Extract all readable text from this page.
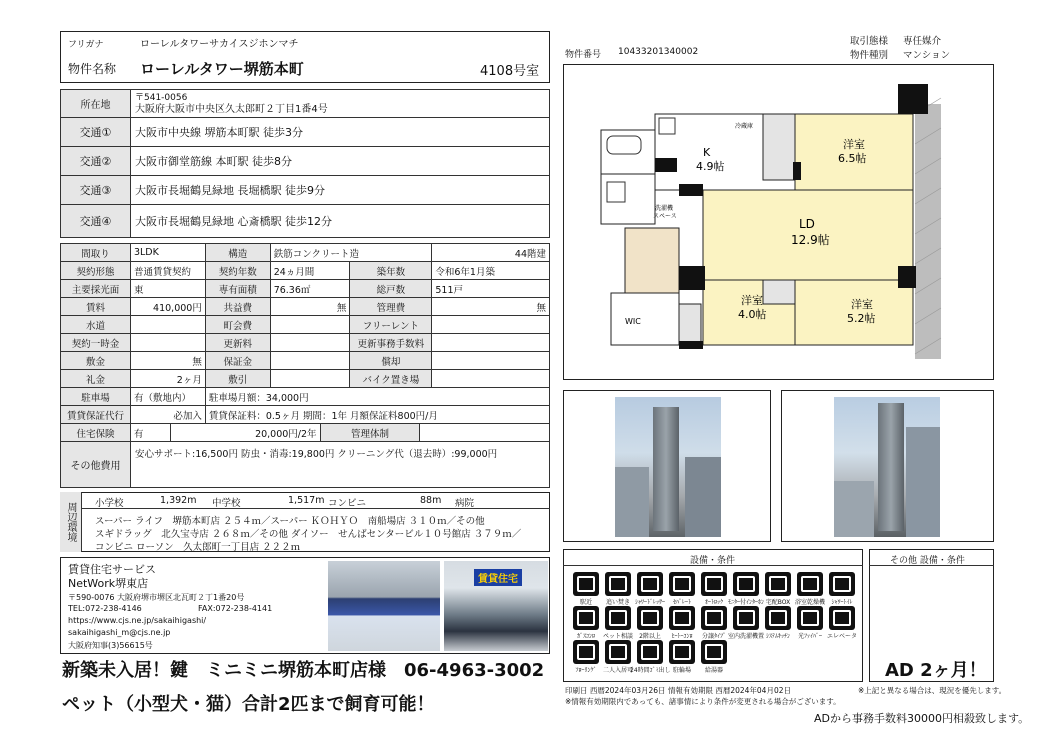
フリガナ	ローレルタワーサカイスジホンマチ
物件名称 ローレルタワー堺筋本町	4108号室
所在地
〒541-0056
大阪府大阪市中央区久太郎町２丁目1番4号
交通①	大阪市中央線 堺筋本町駅 徒歩3分
交通②	大阪市御堂筋線 本町駅 徒歩8分
交通③	大阪市長堀鶴見緑地 長堀橋駅 徒歩9分
交通④	大阪市長堀鶴見緑地 心斎橋駅 徒歩12分
間取り	3LDK	構造	鉄筋コンクリート造		44階建
契約形態	普通賃貸契約	契約年数	24ヵ月間	築年数	令和6年1月築
主要採光面	東	専有面積	76.36㎡	総戸数	511戸
賃料	410,000円	共益費	無	管理費	無
水道		町会費		フリーレント	
契約一時金		更新料		更新事務手数料	
敷金	無	保証金		償却	
礼金	2ヶ月	敷引		バイク置き場	
駐車場	有（敷地内）	駐車場月額：34,000円			
賃貸保証代行	必加入	賃貸保証料：0.5ヶ月 期間：1年 月額保証料800円/月			
住宅保険	有	20,000円/2年	管理体制	
その他費用
安心サポート:16,500円 防虫・消毒:19,800円 クリーニング代（退去時）:99,000円
周辺環境	小学校	1,392m 中学校	1,517m コンビニ	88m 病院
スーパー ライフ　堺筋本町店 ２５４ｍ／スーパー ＫＯＨＹＯ　南船場店 ３１０ｍ／その他
スギドラッグ　北久宝寺店 ２６８ｍ／その他 ダイソー　せんばセンタービル１０号館店 ３７９ｍ／
コンビニ ローソン　久太郎町一丁目店 ２２２ｍ
賃貸住宅サービス
NetWork堺東店
〒590-0076 大阪府堺市堺区北瓦町２丁1番20号
TEL:072-238-4146	FAX:072-238-4141
https://www.cjs.ne.jp/sakaihigashi/
sakaihigashi_m@cjs.ne.jp
大阪府知事(3)56615号
賃貸住宅
新築未入居！鍵　ミニミニ堺筋本町店様　06-4963-3002
ペット（小型犬・猫）合計2匹まで飼育可能！
取引態様 専任媒介
物件種別 マンション
物件番号 10433201340002
冷蔵庫
K
4.9帖
洋室
6.5帖
LD
12.9帖
洋室
4.0帖
洋室
5.2帖
洗濯機
スペース
WIC
設備・条件	その他 設備・条件
AD 2ヶ月！
駅近	追い焚き ｼｬﾜｰﾄﾞﾚｯｻｰ	ｾﾊﾟﾚｰﾄ	ｵｰﾄﾛｯｸ ﾓﾆﾀｰ付ｲﾝﾀｰﾎﾝ 宅配BOX 浴室乾燥機	ｼｬﾜｰﾄｲﾚ
ｶﾞｽｺﾝﾛ	ペット相談	2階以上	ﾋｰﾄｰｺﾝﾛ	分譲ﾀｲﾌﾟ 室内洗濯機置 ｼｽﾃﾑｷｯﾁﾝ	光ﾌｧｲﾊﾞｰ エレベータ
ﾌﾛｰﾘﾝｸﾞ	二人入居可
24時間ｺﾞﾐ出し 駐輪場	給湯器
印刷日 西暦2024年03月26日 情報有効期限 西暦2024年04月02日
※情報有効期限内であっても、諸事情により条件が変更される場合がございます。
※上記と異なる場合は、現況を優先します。
ADから事務手数料30000円相殺致します。
